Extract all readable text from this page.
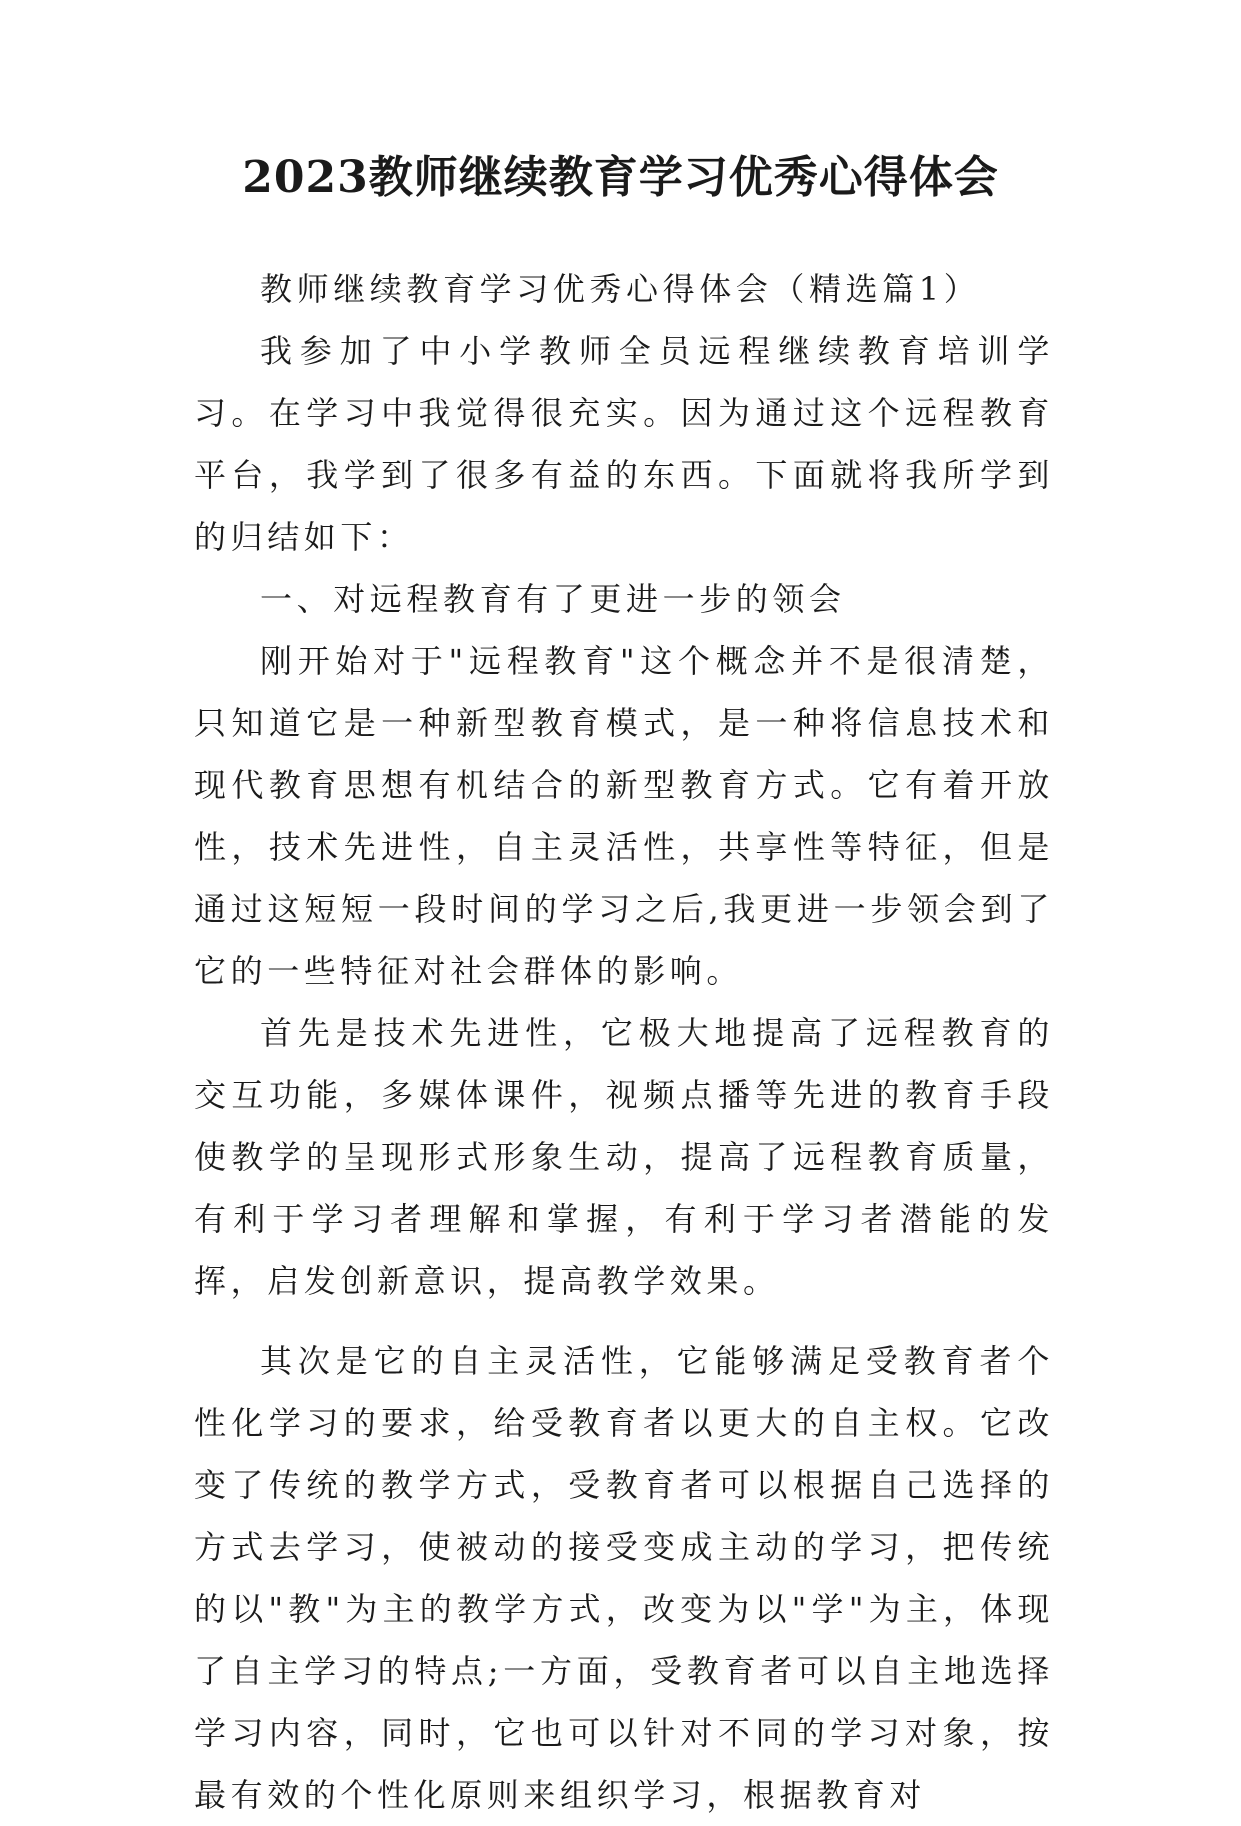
2023教师继续教育学习优秀心得体会

教师继续教育学习优秀心得体会（精选篇1）

我参加了中小学教师全员远程继续教育培训学习。在学习中我觉得很充实。因为通过这个远程教育平台，我学到了很多有益的东西。下面就将我所学到的归结如下：

一、对远程教育有了更进一步的领会

刚开始对于"远程教育"这个概念并不是很清楚，只知道它是一种新型教育模式，是一种将信息技术和现代教育思想有机结合的新型教育方式。它有着开放性，技术先进性，自主灵活性，共享性等特征，但是通过这短短一段时间的学习之后,我更进一步领会到了它的一些特征对社会群体的影响。

首先是技术先进性，它极大地提高了远程教育的交互功能，多媒体课件，视频点播等先进的教育手段使教学的呈现形式形象生动，提高了远程教育质量，有利于学习者理解和掌握，有利于学习者潜能的发挥，启发创新意识，提高教学效果。

其次是它的自主灵活性，它能够满足受教育者个性化学习的要求，给受教育者以更大的自主权。它改变了传统的教学方式，受教育者可以根据自己选择的方式去学习，使被动的接受变成主动的学习，把传统的以"教"为主的教学方式，改变为以"学"为主，体现了自主学习的特点;一方面，受教育者可以自主地选择学习内容，同时，它也可以针对不同的学习对象，按最有效的个性化原则来组织学习，根据教育对
